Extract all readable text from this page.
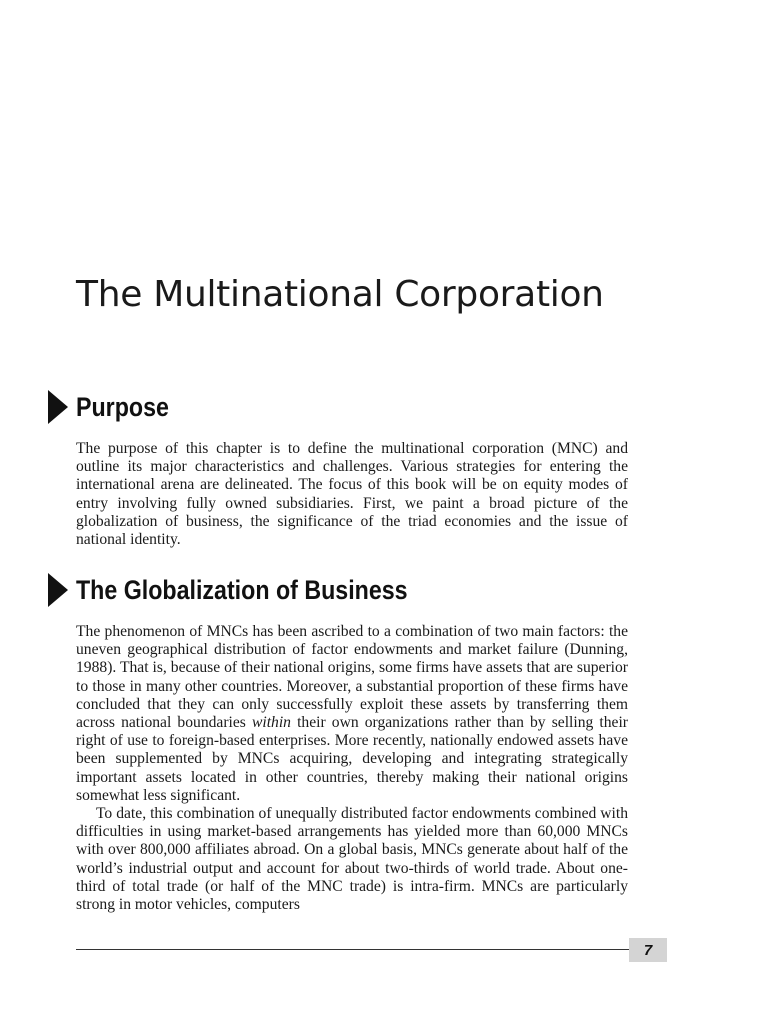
The Multinational Corporation
Purpose

The purpose of this chapter is to define the multinational corporation (MNC) and outline its major characteristics and challenges. Various strategies for entering the international arena are delineated. The focus of this book will be on equity modes of entry involving fully owned subsidiaries. First, we paint a broad picture of the globalization of business, the significance of the triad economies and the issue of national identity.

The Globalization of Business

The phenomenon of MNCs has been ascribed to a combination of two main factors: the uneven geographical distribution of factor endowments and market failure (Dunning, 1988). That is, because of their national origins, some firms have assets that are superior to those in many other countries. Moreover, a substantial proportion of these firms have concluded that they can only successfully exploit these assets by transferring them across national boundaries within their own organizations rather than by selling their right of use to foreign-based enterprises. More recently, nationally endowed assets have been supplemented by MNCs acquiring, developing and integrating strategically important assets located in other countries, thereby making their national origins somewhat less significant.

To date, this combination of unequally distributed factor endowments combined with difficulties in using market-based arrangements has yielded more than 60,000 MNCs with over 800,000 affiliates abroad. On a global basis, MNCs generate about half of the world’s industrial output and account for about two-thirds of world trade. About one-third of total trade (or half of the MNC trade) is intra-firm. MNCs are particularly strong in motor vehicles, computers

7
